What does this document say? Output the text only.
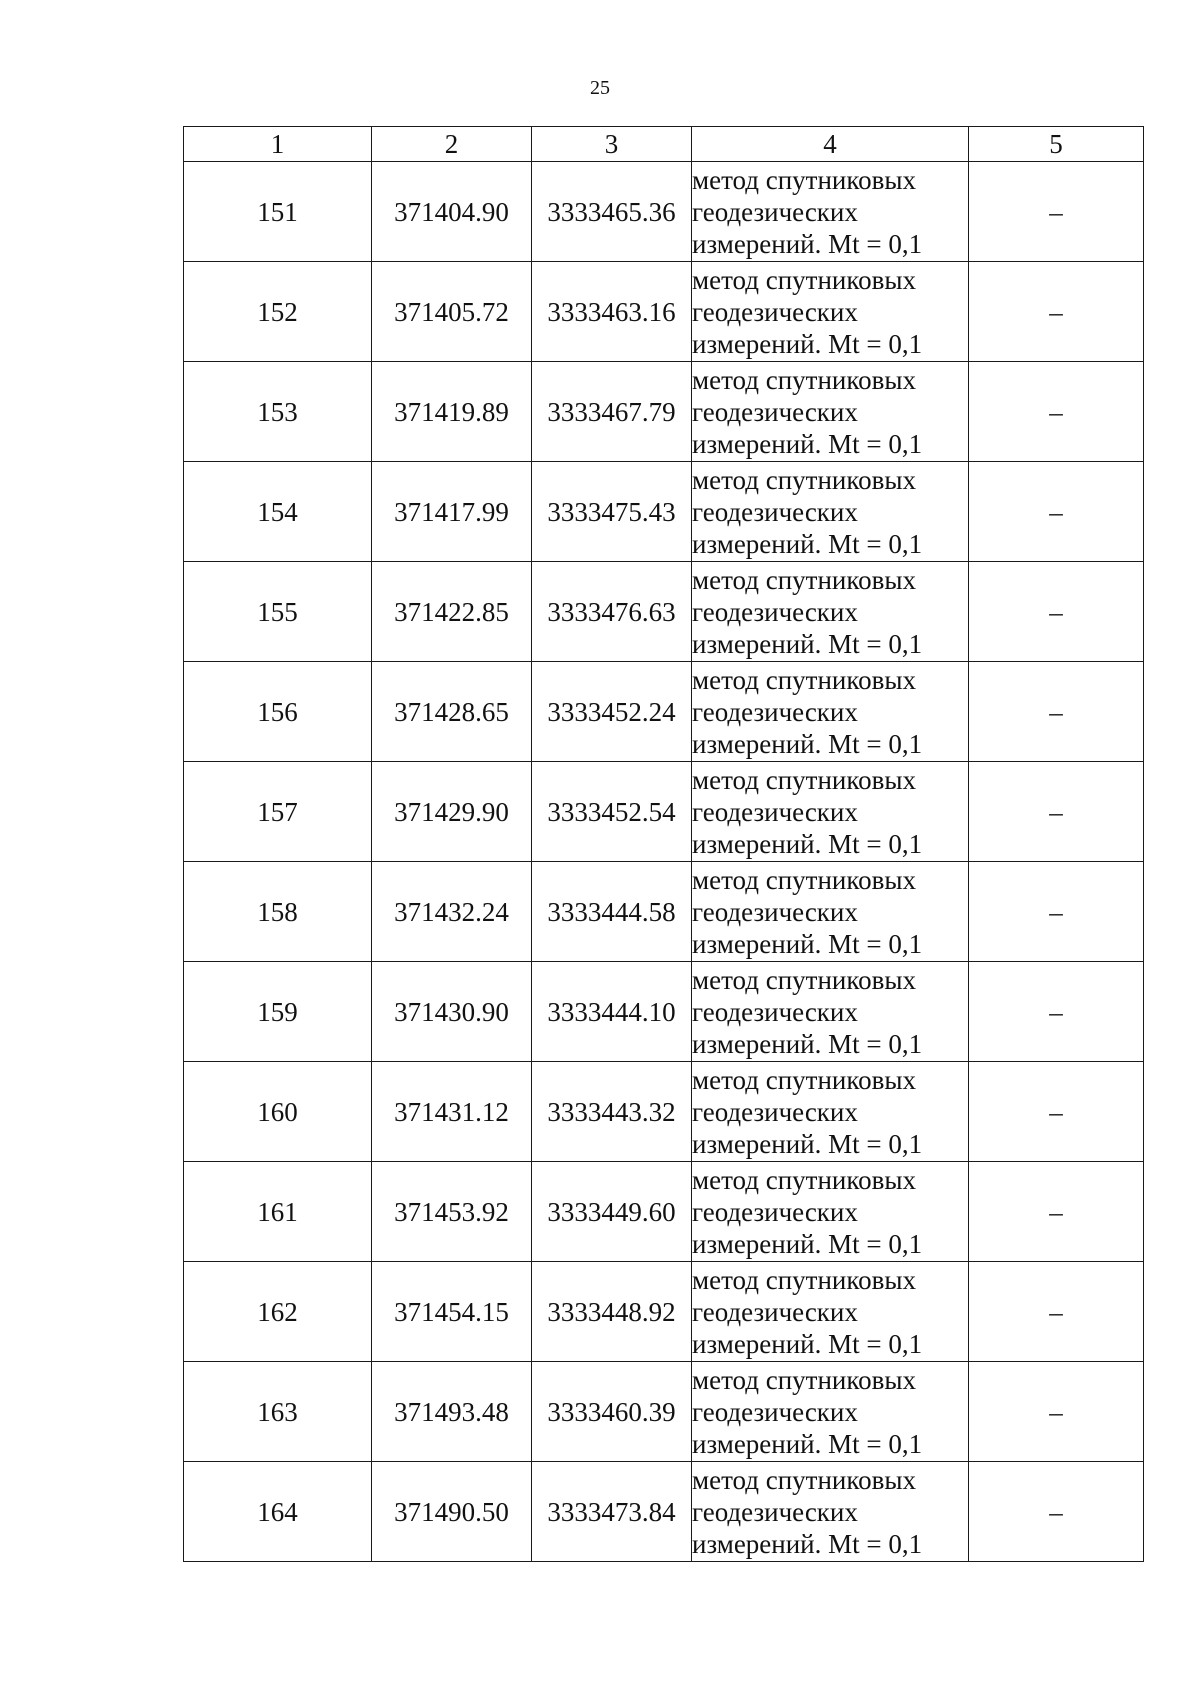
25
1	2	3	4	5
151	371404.90	3333465.36	метод спутниковых
геодезических
измерений. Mt = 0,1	–
152	371405.72	3333463.16	метод спутниковых
геодезических
измерений. Mt = 0,1	–
153	371419.89	3333467.79	метод спутниковых
геодезических
измерений. Mt = 0,1	–
154	371417.99	3333475.43	метод спутниковых
геодезических
измерений. Mt = 0,1	–
155	371422.85	3333476.63	метод спутниковых
геодезических
измерений. Mt = 0,1	–
156	371428.65	3333452.24	метод спутниковых
геодезических
измерений. Mt = 0,1	–
157	371429.90	3333452.54	метод спутниковых
геодезических
измерений. Mt = 0,1	–
158	371432.24	3333444.58	метод спутниковых
геодезических
измерений. Mt = 0,1	–
159	371430.90	3333444.10	метод спутниковых
геодезических
измерений. Mt = 0,1	–
160	371431.12	3333443.32	метод спутниковых
геодезических
измерений. Mt = 0,1	–
161	371453.92	3333449.60	метод спутниковых
геодезических
измерений. Mt = 0,1	–
162	371454.15	3333448.92	метод спутниковых
геодезических
измерений. Mt = 0,1	–
163	371493.48	3333460.39	метод спутниковых
геодезических
измерений. Mt = 0,1	–
164	371490.50	3333473.84	метод спутниковых
геодезических
измерений. Mt = 0,1	–
